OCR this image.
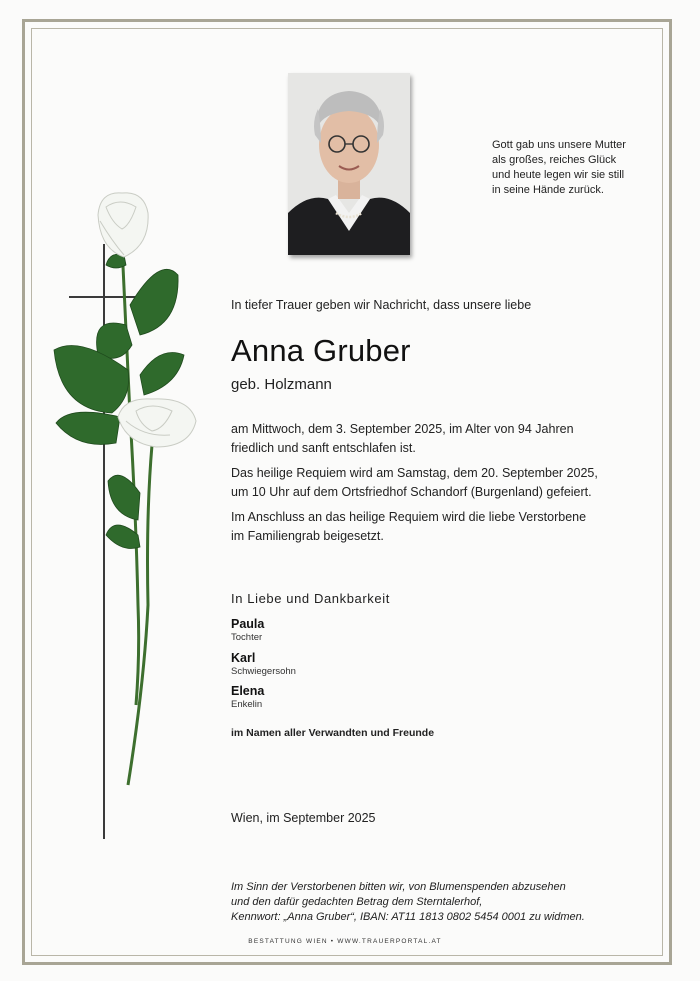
Gott gab uns unsere Mutter
als großes, reiches Glück
und heute legen wir sie still
in seine Hände zurück.
In tiefer Trauer geben wir Nachricht, dass unsere liebe
Anna Gruber
geb. Holzmann
am Mittwoch, dem 3. September 2025, im Alter von 94 Jahren
friedlich und sanft entschlafen ist.
Das heilige Requiem wird am Samstag, dem 20. September 2025,
um 10 Uhr auf dem Ortsfriedhof Schandorf (Burgenland) gefeiert.
Im Anschluss an das heilige Requiem wird die liebe Verstorbene
im Familiengrab beigesetzt.
In Liebe und Dankbarkeit
Paula
Tochter
Karl
Schwiegersohn
Elena
Enkelin
im Namen aller Verwandten und Freunde
Wien, im September 2025
Im Sinn der Verstorbenen bitten wir, von Blumenspenden abzusehen
und den dafür gedachten Betrag dem Sterntalerhof,
Kennwort: „Anna Gruber“, IBAN: AT11 1813 0802 5454 0001 zu widmen.
BESTATTUNG WIEN • WWW.TRAUERPORTAL.AT
